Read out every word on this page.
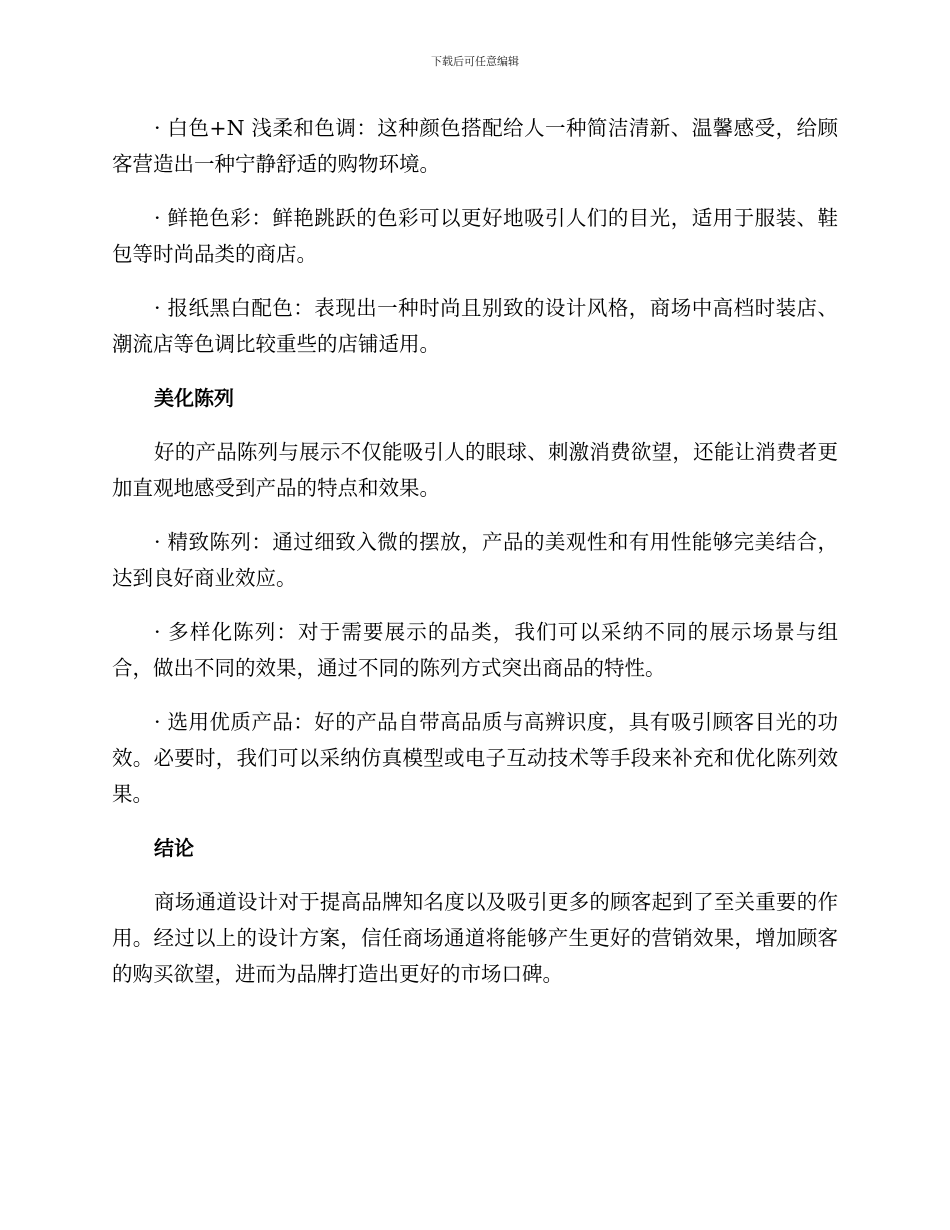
下载后可任意编辑

· 白色+N 浅柔和色调：这种颜色搭配给人一种简洁清新、温馨感受，给顾客营造出一种宁静舒适的购物环境。

· 鲜艳色彩：鲜艳跳跃的色彩可以更好地吸引人们的目光，适用于服装、鞋包等时尚品类的商店。

· 报纸黑白配色：表现出一种时尚且别致的设计风格，商场中高档时装店、潮流店等色调比较重些的店铺适用。

美化陈列

好的产品陈列与展示不仅能吸引人的眼球、刺激消费欲望，还能让消费者更加直观地感受到产品的特点和效果。

· 精致陈列：通过细致入微的摆放，产品的美观性和有用性能够完美结合，达到良好商业效应。

· 多样化陈列：对于需要展示的品类，我们可以采纳不同的展示场景与组合，做出不同的效果，通过不同的陈列方式突出商品的特性。

· 选用优质产品：好的产品自带高品质与高辨识度，具有吸引顾客目光的功效。必要时，我们可以采纳仿真模型或电子互动技术等手段来补充和优化陈列效果。

结论

商场通道设计对于提高品牌知名度以及吸引更多的顾客起到了至关重要的作用。经过以上的设计方案，信任商场通道将能够产生更好的营销效果，增加顾客的购买欲望，进而为品牌打造出更好的市场口碑。
